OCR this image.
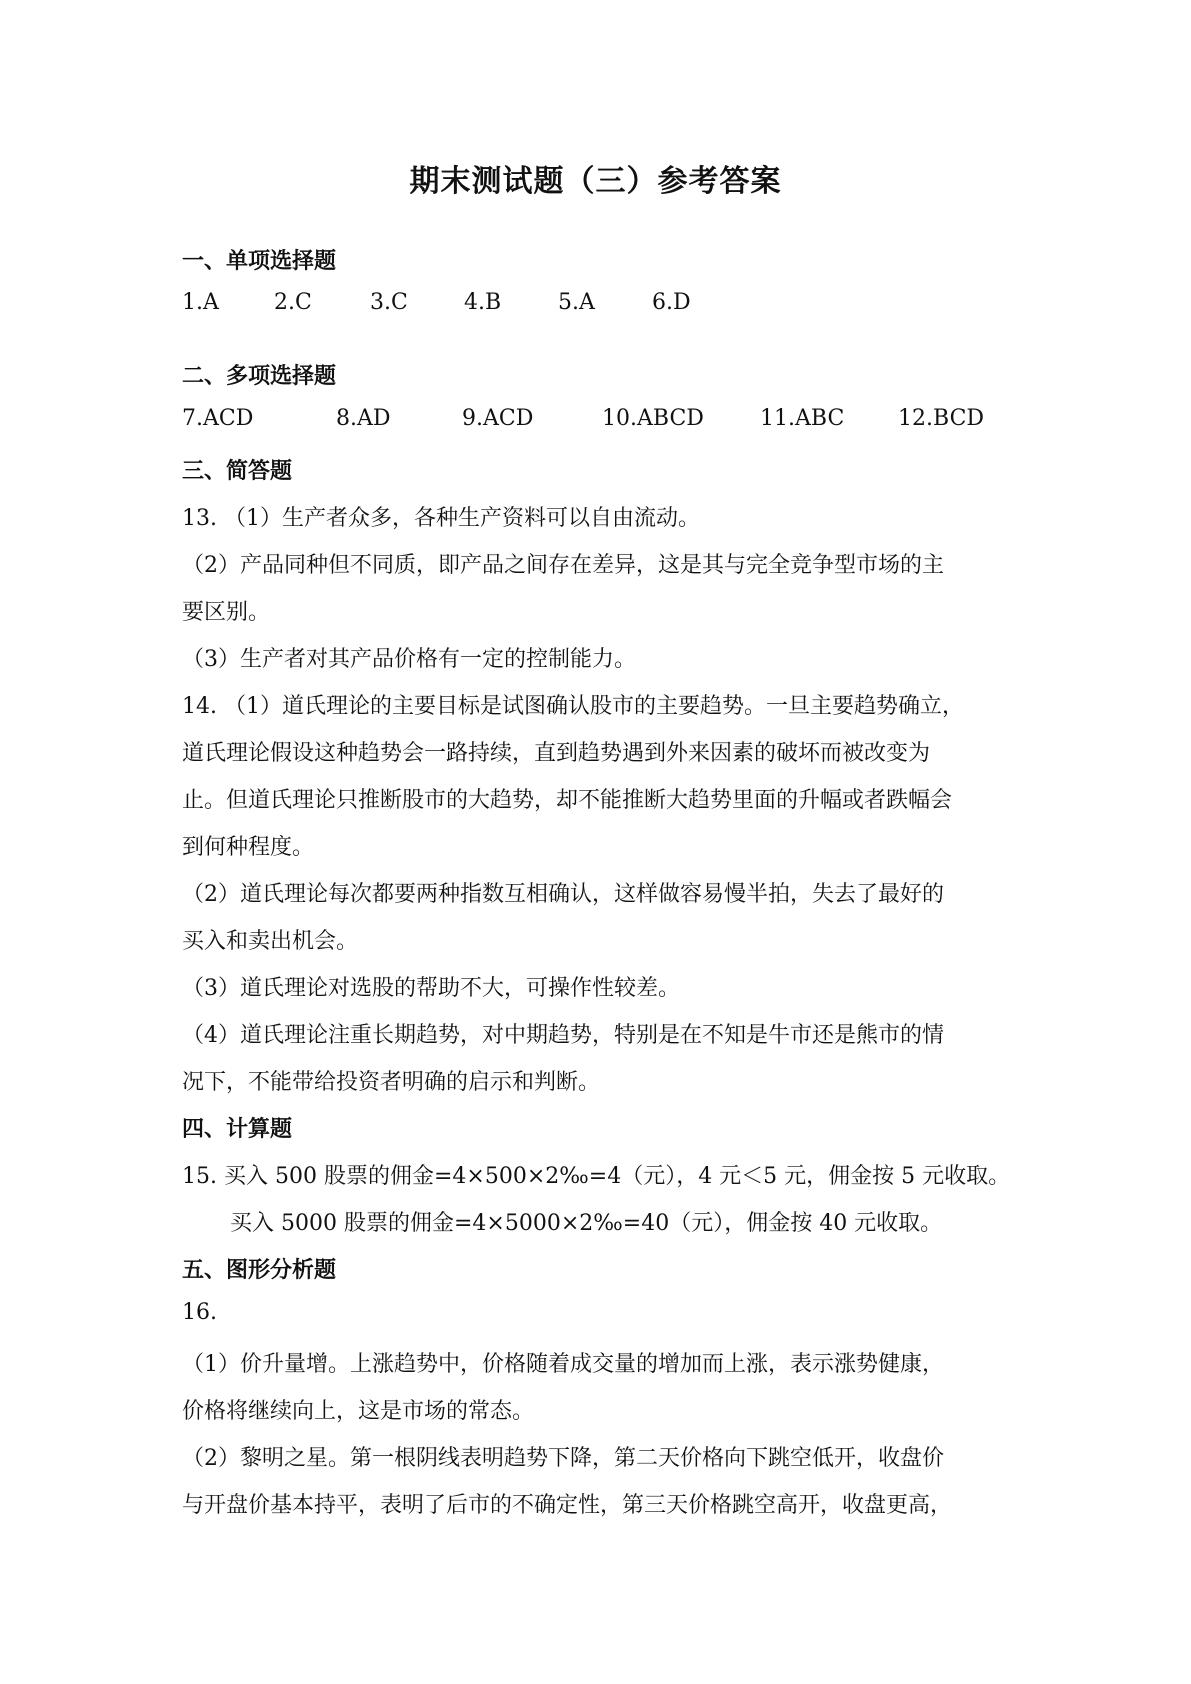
期末测试题（三）参考答案
一、单项选择题
1.A	2.C	3.C	4.B	5.A	6.D
二、多项选择题
7.ACD	8.AD	9.ACD	10.ABCD	11.ABC 12.BCD
三、简答题
13. （1）生产者众多，各种生产资料可以自由流动。
（2）产品同种但不同质，即产品之间存在差异，这是其与完全竞争型市场的主
要区别。
（3）生产者对其产品价格有一定的控制能力。
14. （1）道氏理论的主要目标是试图确认股市的主要趋势。一旦主要趋势确立，
道氏理论假设这种趋势会一路持续，直到趋势遇到外来因素的破坏而被改变为
止。但道氏理论只推断股市的大趋势，却不能推断大趋势里面的升幅或者跌幅会
到何种程度。
（2）道氏理论每次都要两种指数互相确认，这样做容易慢半拍，失去了最好的
买入和卖出机会。
（3）道氏理论对选股的帮助不大，可操作性较差。
（4）道氏理论注重长期趋势，对中期趋势，特别是在不知是牛市还是熊市的情
况下，不能带给投资者明确的启示和判断。
四、计算题
15. 买入 500 股票的佣金=4×500×2‰=4（元），4 元＜5 元，佣金按 5 元收取。
买入 5000 股票的佣金=4×5000×2‰=40（元），佣金按 40 元收取。
五、图形分析题
16.
（1）价升量增。上涨趋势中，价格随着成交量的增加而上涨，表示涨势健康，
价格将继续向上，这是市场的常态。
（2）黎明之星。第一根阴线表明趋势下降，第二天价格向下跳空低开，收盘价
与开盘价基本持平，表明了后市的不确定性，第三天价格跳空高开，收盘更高，
